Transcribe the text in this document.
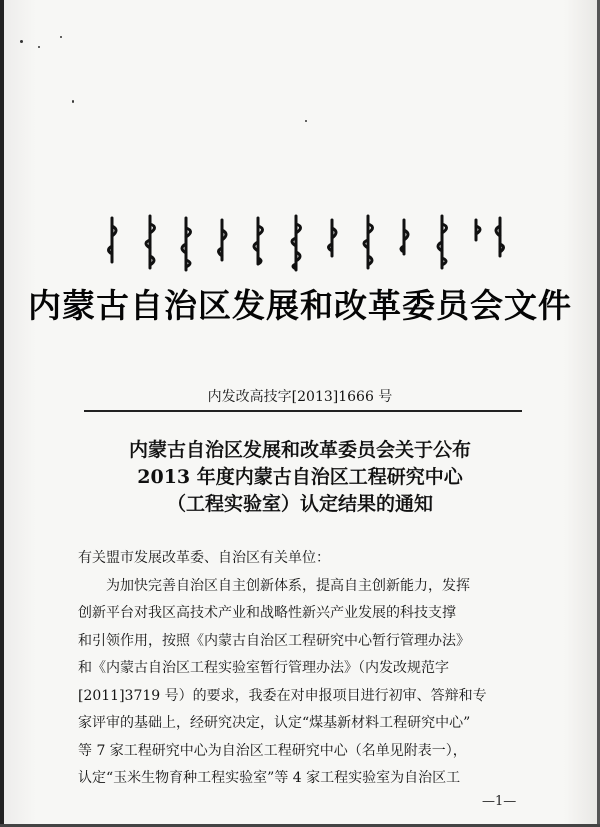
内蒙古自治区发展和改革委员会文件
内发改高技字[2013]1666 号
内蒙古自治区发展和改革委员会关于公布
2013 年度内蒙古自治区工程研究中心
（工程实验室）认定结果的通知

有关盟市发展改革委、自治区有关单位：

为加快完善自治区自主创新体系，提高自主创新能力，发挥

创新平台对我区高技术产业和战略性新兴产业发展的科技支撑

和引领作用，按照《内蒙古自治区工程研究中心暂行管理办法》

和《内蒙古自治区工程实验室暂行管理办法》（内发改规范字

[2011]3719 号）的要求，我委在对申报项目进行初审、答辩和专

家评审的基础上，经研究决定，认定“煤基新材料工程研究中心”

等 7 家工程研究中心为自治区工程研究中心（名单见附表一），

认定“玉米生物育种工程实验室”等 4 家工程实验室为自治区工

—1—
